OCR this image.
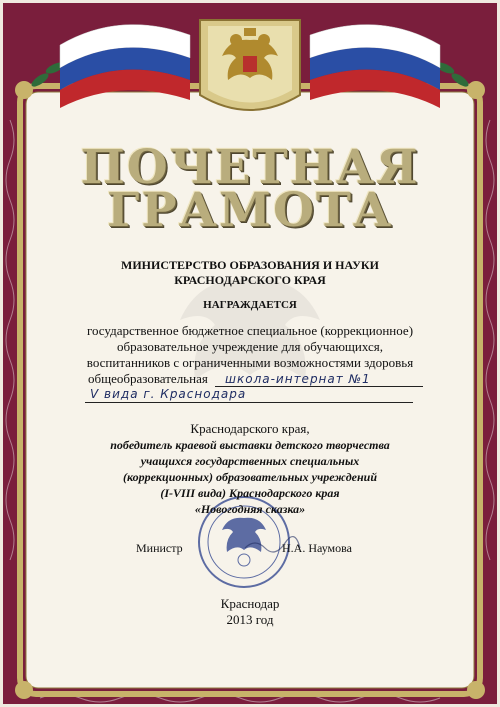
ПОЧЕТНАЯ
ГРАМОТА
МИНИСТЕРСТВО ОБРАЗОВАНИЯ И НАУКИ
КРАСНОДАРСКОГО КРАЯ
НАГРАЖДАЕТСЯ
государственное бюджетное специальное (коррекционное)
образовательное учреждение для обучающихся,
воспитанников с ограниченными возможностями здоровья
общеобразовательная школа-интернат №1
V вида г. Краснодара
Краснодарского края,
победитель краевой выставки детского творчества
учащихся государственных специальных
(коррекционных) образовательных учреждений
(I-VIII вида) Краснодарского края
«Новогодняя сказка»
Министр	Н.А. Наумова
Краснодар
2013 год
